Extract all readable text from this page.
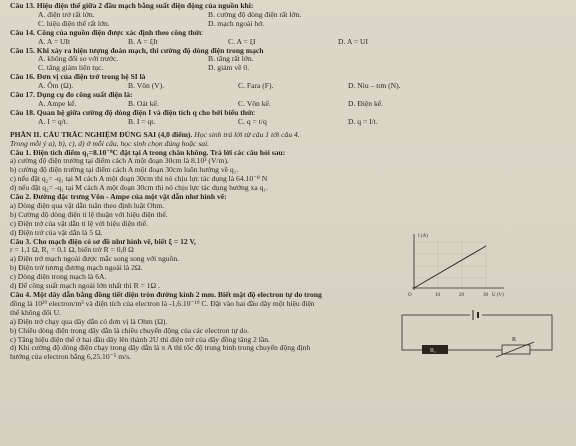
Câu 13. Hiệu điện thế giữa 2 đầu mạch bằng suất điện động của nguồn khi:
A. điện trở rất lớn.	B. cường độ dòng điện rất lớn.
C. hiệu điện thế rất lớn.	D. mạch ngoài hở.
Câu 14. Công của nguồn điện được xác định theo công thức
A. A = UIt	B. A = ξIt	C. A = ξI	D. A = UI
Câu 15. Khi xảy ra hiện tượng đoản mạch, thì cường độ dòng điện trong mạch
A. không đổi so với trước.	B. tăng rất lớn.
C. tăng giảm liên tục.	D. giảm về 0.
Câu 16. Đơn vị của điện trở trong hệ SI là
A. Ôm (Ω).	B. Vôn (V).	C. Fara (F).	D. Niu – tơn (N).
Câu 17. Dụng cụ đo công suất điện là:
A. Ampe kế.	B. Oát kế.	C. Vôn kế.	D. Điện kế.
Câu 18. Quan hệ giữa cường độ dòng điện I và điện tích q cho bởi biểu thức
A. I = q/t.	B. I = qt.	C. q = t/q	D. q = I/t.
PHẦN II. CÂU TRẮC NGHIỆM ĐÚNG SAI (4,0 điểm). Học sinh trả lời từ câu 1 tới câu 4.
Trong mỗi ý a), b), c), d) ở mỗi câu, học sinh chọn đúng hoặc sai.
Câu 1. Điện tích điểm q₁=8.10⁻⁸C đặt tại A trong chân không. Trả lời các câu hỏi sau:
a) cường độ điện trường tại điểm cách A một đoạn 30cm là 8.10³ (V/m).
b) cường độ điện trường tại điểm cách A một đoạn 30cm luôn hướng về q₁.
c) nếu đặt q₂= -q₁ tại M cách A một đoạn 30cm thì nó chịu lực tác dụng là 64.10⁻⁸ N
d) nếu đặt q₂= -q₁ tại M cách A một đoạn 30cm thì nó chịu lực tác dụng hướng xa q₁.
Câu 2. Đường đặc trưng Vôn - Ampe của một vật dẫn như hình vẽ:
a) Dòng điện qua vật dẫn tuân theo định luật Ohm.
b) Cường độ dòng điện tỉ lệ thuận với hiệu điện thế.
c) Điện trở của vật dẫn tỉ lệ với hiệu điện thế.
d) Điện trở của vật dẫn là 5 Ω.
Câu 3. Cho mạch điện có sơ đồ như hình vẽ, biết ξ = 12 V,
r = 1,1 Ω, R₁ = 0,1 Ω, biến trở R = 0,8 Ω
a) Điện trở mạch ngoài được mắc song song với nguồn.
b) Điện trở tương đương mạch ngoài là 2Ω.
c) Dòng điện trong mạch là 6A.
d) Để công suất mạch ngoài lớn nhất thì R = 1Ω .
Câu 4. Một dây dẫn bằng đồng tiết diện tròn đường kính 2 mm. Biết mật độ electron tự do trong
đồng là 10²⁹ electron/m³ và điện tích của electron là -1,6.10⁻¹⁹ C. Đặt vào hai đầu dây một hiệu điện
thế không đổi U.
a) Điện trở chạy qua dây dẫn có đơn vị là Ohm (Ω).
b) Chiều dòng điện trong dây dẫn là chiều chuyển động của các electron tự do.
c) Tăng hiệu điện thế ở hai đầu dây lên thành 2U thì điện trở của dây đồng tăng 2 lần.
d) Khi cường độ dòng điện chạy trong dây dẫn là π A thì tốc độ trung bình trong chuyển động định
hướng của electron bằng 6,25.10⁻⁵ m/s.
I (A)
U (V)
O	10	20	30
R₁
R
